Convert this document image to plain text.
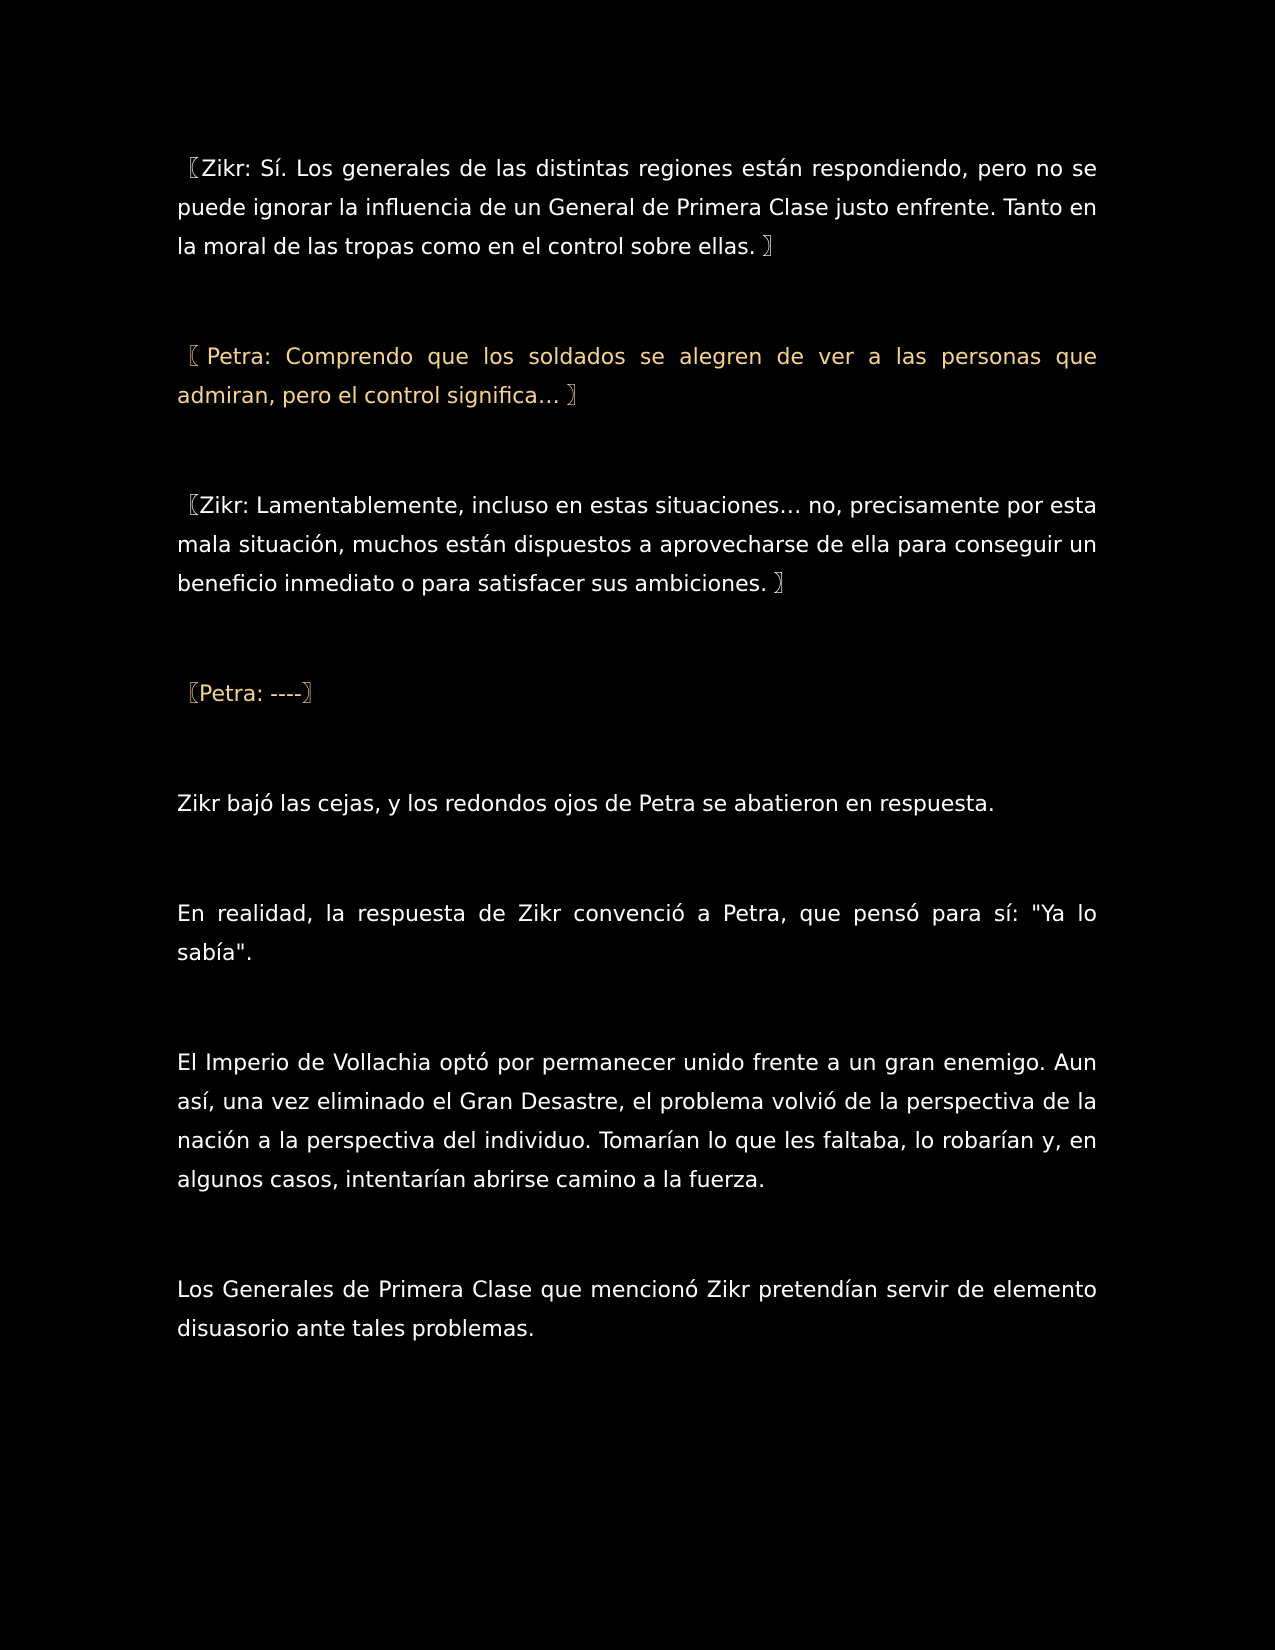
〖Zikr: Sí. Los generales de las distintas regiones están respondiendo, pero no se puede ignorar la influencia de un General de Primera Clase justo enfrente. Tanto en la moral de las tropas como en el control sobre ellas. 〗

〖Petra: Comprendo que los soldados se alegren de ver a las personas que admiran, pero el control significa… 〗

〖Zikr: Lamentablemente, incluso en estas situaciones… no, precisamente por esta mala situación, muchos están dispuestos a aprovecharse de ella para conseguir un beneficio inmediato o para satisfacer sus ambiciones. 〗

〖Petra: ----〗

Zikr bajó las cejas, y los redondos ojos de Petra se abatieron en respuesta.

En realidad, la respuesta de Zikr convenció a Petra, que pensó para sí: "Ya lo sabía".

El Imperio de Vollachia optó por permanecer unido frente a un gran enemigo. Aun así, una vez eliminado el Gran Desastre, el problema volvió de la perspectiva de la nación a la perspectiva del individuo. Tomarían lo que les faltaba, lo robarían y, en algunos casos, intentarían abrirse camino a la fuerza.

Los Generales de Primera Clase que mencionó Zikr pretendían servir de elemento disuasorio ante tales problemas.
